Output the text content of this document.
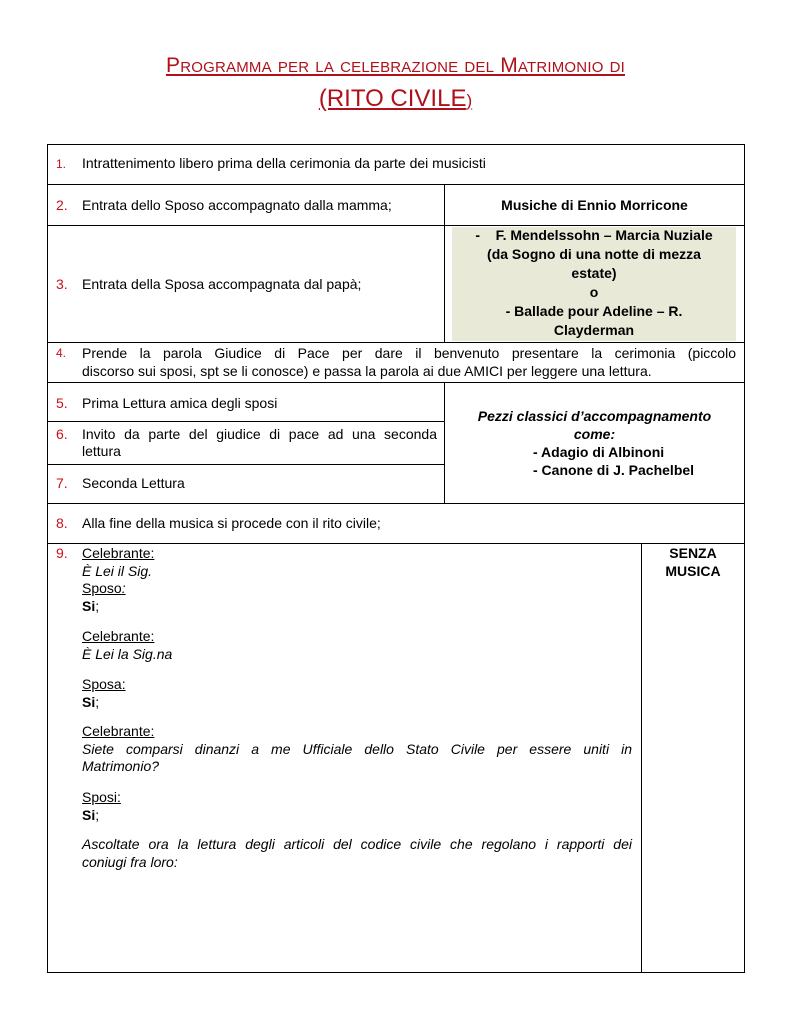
Programma per la celebrazione del Matrimonio di
(RITO CIVILE)
1. Intrattenimento libero prima della cerimonia da parte dei musicisti
2. Entrata dello Sposo accompagnato dalla mamma;	Musiche di Ennio Morricone
3. Entrata della Sposa accompagnata dal papà;
-    F. Mendelssohn – Marcia Nuziale
(da Sogno di una notte di mezza
estate)
o
- Ballade pour Adeline – R.
Clayderman
4. Prende la parola Giudice di Pace per dare il benvenuto presentare la cerimonia (piccolo
discorso sui sposi, spt se li conosce) e passa la parola ai due AMICI per leggere una lettura.
5. Prima Lettura amica degli sposi
6. Invito da parte del giudice di pace ad una seconda
lettura
7. Seconda Lettura
Pezzi classici d’accompagnamento
come:
- Adagio di Albinoni
- Canone di J. Pachelbel
8. Alla fine della musica si procede con il rito civile;
9.	SENZA
MUSICA
Celebrante:
È Lei il Sig.
Sposo:
Si;
Celebrante:
È Lei la Sig.na
Sposa:
Si;
Celebrante:
Siete comparsi dinanzi a me Ufficiale dello Stato Civile per essere uniti in
Matrimonio?
Sposi:
Si;
Ascoltate ora la lettura degli articoli del codice civile che regolano i rapporti dei
coniugi fra loro:
